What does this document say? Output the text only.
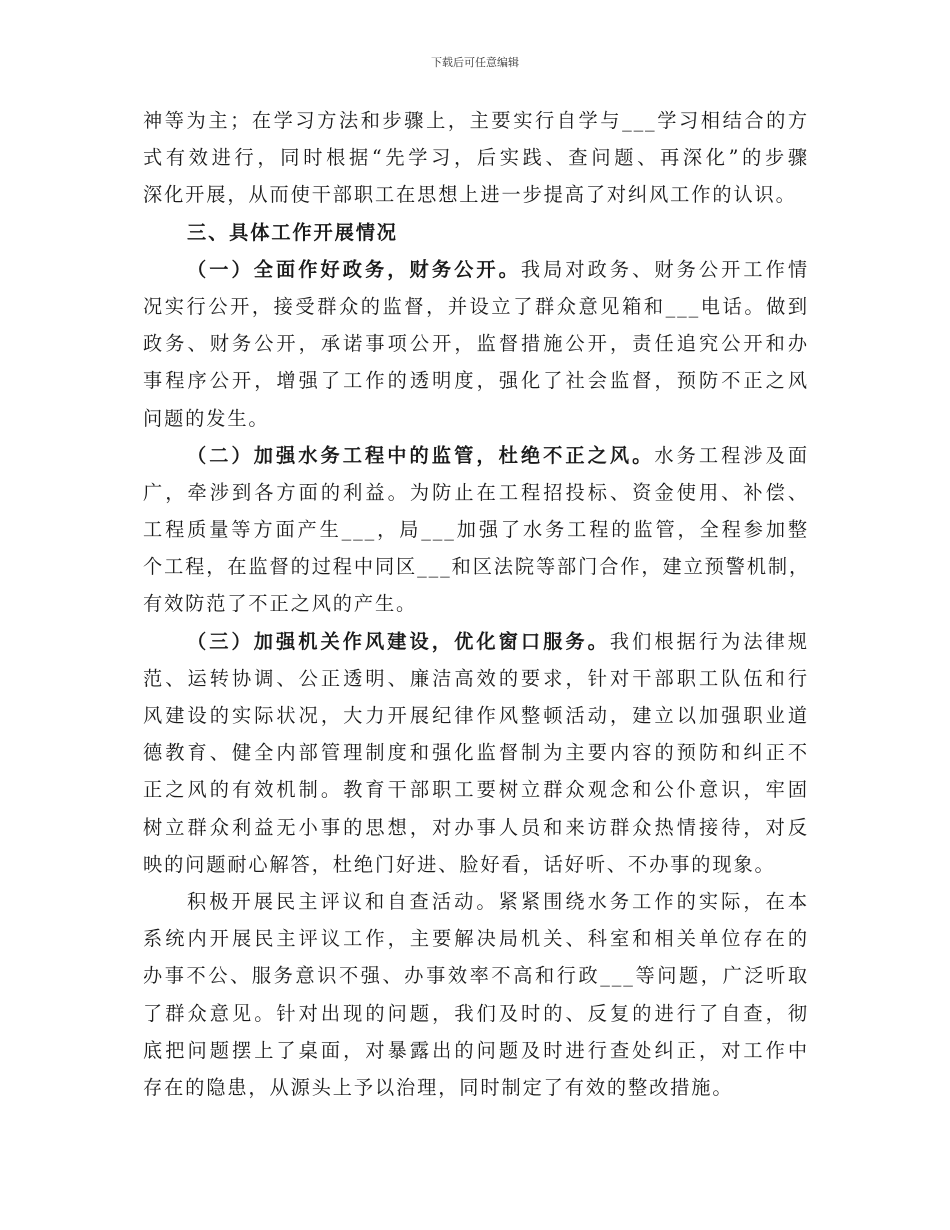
下载后可任意编辑
神等为主；在学习方法和步骤上，主要实行自学与___学习相结合的方
式有效进行，同时根据“先学习，后实践、查问题、再深化”的步骤
深化开展，从而使干部职工在思想上进一步提高了对纠风工作的认识。
三、具体工作开展情况
（一）全面作好政务，财务公开。我局对政务、财务公开工作情
况实行公开，接受群众的监督，并设立了群众意见箱和___电话。做到
政务、财务公开，承诺事项公开，监督措施公开，责任追究公开和办
事程序公开，增强了工作的透明度，强化了社会监督，预防不正之风
问题的发生。
（二）加强水务工程中的监管，杜绝不正之风。水务工程涉及面
广，牵涉到各方面的利益。为防止在工程招投标、资金使用、补偿、
工程质量等方面产生___，局___加强了水务工程的监管，全程参加整
个工程，在监督的过程中同区___和区法院等部门合作，建立预警机制，
有效防范了不正之风的产生。
（三）加强机关作风建设，优化窗口服务。我们根据行为法律规
范、运转协调、公正透明、廉洁高效的要求，针对干部职工队伍和行
风建设的实际状况，大力开展纪律作风整顿活动，建立以加强职业道
德教育、健全内部管理制度和强化监督制为主要内容的预防和纠正不
正之风的有效机制。教育干部职工要树立群众观念和公仆意识，牢固
树立群众利益无小事的思想，对办事人员和来访群众热情接待，对反
映的问题耐心解答，杜绝门好进、脸好看，话好听、不办事的现象。
积极开展民主评议和自查活动。紧紧围绕水务工作的实际，在本
系统内开展民主评议工作，主要解决局机关、科室和相关单位存在的
办事不公、服务意识不强、办事效率不高和行政___等问题，广泛听取
了群众意见。针对出现的问题，我们及时的、反复的进行了自查，彻
底把问题摆上了桌面，对暴露出的问题及时进行查处纠正，对工作中
存在的隐患，从源头上予以治理，同时制定了有效的整改措施。
